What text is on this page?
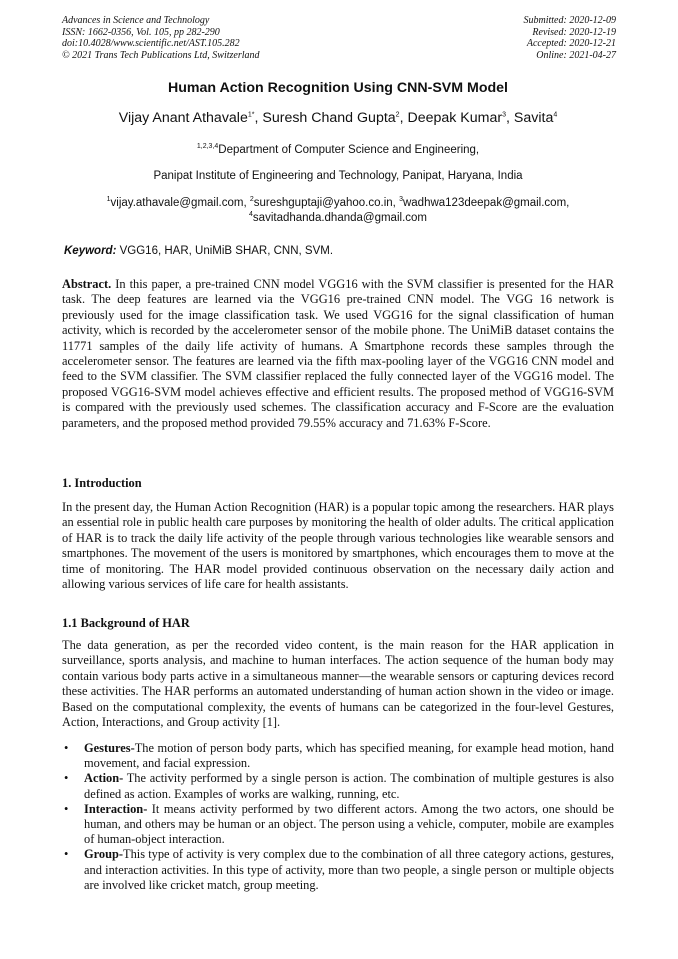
Advances in Science and Technology
ISSN: 1662-0356, Vol. 105, pp 282-290
doi:10.4028/www.scientific.net/AST.105.282
© 2021 Trans Tech Publications Ltd, Switzerland
Submitted: 2020-12-09
Revised: 2020-12-19
Accepted: 2020-12-21
Online: 2021-04-27
Human Action Recognition Using CNN-SVM Model
Vijay Anant Athavale$^{1*}$, Suresh Chand Gupta$^2$, Deepak Kumar$^3$, Savita$^4$
$^{1,2,3,4}$Department of Computer Science and Engineering,
Panipat Institute of Engineering and Technology, Panipat, Haryana, India
$^1$vijay.athavale@gmail.com, $^2$sureshguptaji@yahoo.co.in, $^3$wadhwa123deepak@gmail.com,
$^4$savitadhanda.dhanda@gmail.com
Keyword: VGG16, HAR, UniMiB SHAR, CNN, SVM.
Abstract. In this paper, a pre-trained CNN model VGG16 with the SVM classifier is presented for the HAR task. The deep features are learned via the VGG16 pre-trained CNN model. The VGG 16 network is previously used for the image classification task. We used VGG16 for the signal classification of human activity, which is recorded by the accelerometer sensor of the mobile phone. The UniMiB dataset contains the 11771 samples of the daily life activity of humans. A Smartphone records these samples through the accelerometer sensor. The features are learned via the fifth max-pooling layer of the VGG16 CNN model and feed to the SVM classifier. The SVM classifier replaced the fully connected layer of the VGG16 model. The proposed VGG16-SVM model achieves effective and efficient results. The proposed method of VGG16-SVM is compared with the previously used schemes. The classification accuracy and F-Score are the evaluation parameters, and the proposed method provided 79.55% accuracy and 71.63% F-Score.
1. Introduction
In the present day, the Human Action Recognition (HAR) is a popular topic among the researchers. HAR plays an essential role in public health care purposes by monitoring the health of older adults. The critical application of HAR is to track the daily life activity of the people through various technologies like wearable sensors and smartphones. The movement of the users is monitored by smartphones, which encourages them to move at the time of monitoring. The HAR model provided continuous observation on the necessary daily action and allowing various services of life care for health assistants.
1.1 Background of HAR
The data generation, as per the recorded video content, is the main reason for the HAR application in surveillance, sports analysis, and machine to human interfaces. The action sequence of the human body may contain various body parts active in a simultaneous manner—the wearable sensors or capturing devices record these activities. The HAR performs an automated understanding of human action shown in the video or image. Based on the computational complexity, the events of humans can be categorized in the four-level Gestures, Action, Interactions, and Group activity [1].
• Gestures-The motion of person body parts, which has specified meaning, for example head motion, hand movement, and facial expression.
• Action- The activity performed by a single person is action. The combination of multiple gestures is also defined as action. Examples of works are walking, running, etc.
• Interaction- It means activity performed by two different actors. Among the two actors, one should be human, and others may be human or an object. The person using a vehicle, computer, mobile are examples of human-object interaction.
• Group-This type of activity is very complex due to the combination of all three category actions, gestures, and interaction activities. In this type of activity, more than two people, a single person or multiple objects are involved like cricket match, group meeting.
